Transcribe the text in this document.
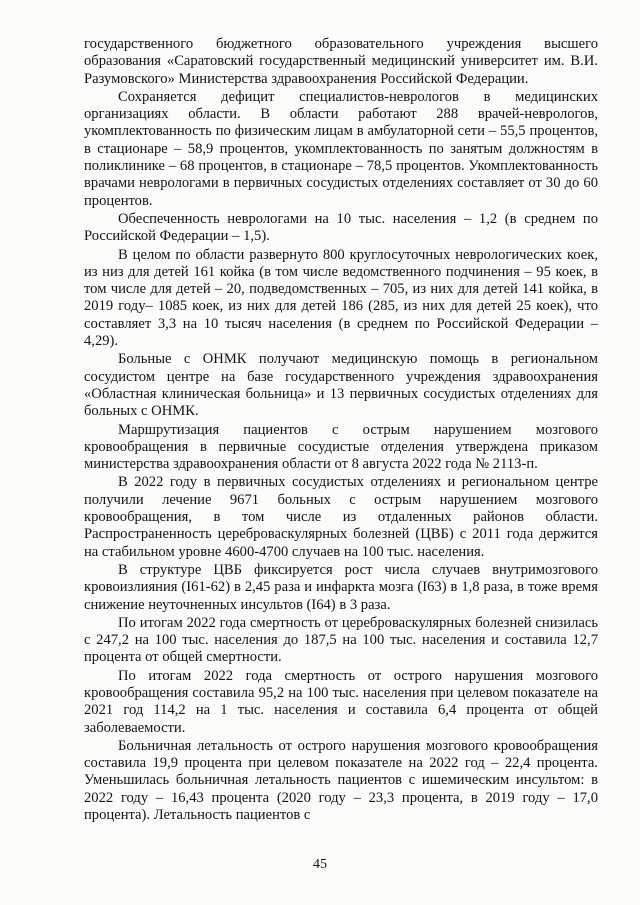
государственного бюджетного образовательного учреждения высшего образования «Саратовский государственный медицинский университет им. В.И. Разумовского» Министерства здравоохранения Российской Федерации.

Сохраняется дефицит специалистов-неврологов в медицинских организациях области. В области работают 288 врачей-неврологов, укомплектованность по физическим лицам в амбулаторной сети – 55,5 процентов, в стационаре – 58,9 процентов, укомплектованность по занятым должностям в поликлинике – 68 процентов, в стационаре – 78,5 процентов. Укомплектованность врачами неврологами в первичных сосудистых отделениях составляет от 30 до 60 процентов.

Обеспеченность неврологами на 10 тыс. населения – 1,2 (в среднем по Российской Федерации – 1,5).

В целом по области развернуто 800 круглосуточных неврологических коек, из низ для детей 161 койка (в том числе ведомственного подчинения – 95 коек, в том числе для детей – 20, подведомственных – 705, из них для детей 141 койка, в 2019 году– 1085 коек, из них для детей 186 (285, из них для детей 25 коек), что составляет 3,3 на 10 тысяч населения (в среднем по Российской Федерации – 4,29).

Больные с ОНМК получают медицинскую помощь в региональном сосудистом центре на базе государственного учреждения здравоохранения «Областная клиническая больница» и 13 первичных сосудистых отделениях для больных с ОНМК.

Маршрутизация пациентов с острым нарушением мозгового кровообращения в первичные сосудистые отделения утверждена приказом министерства здравоохранения области от 8 августа 2022 года № 2113-п.

В 2022 году в первичных сосудистых отделениях и региональном центре получили лечение 9671 больных с острым нарушением мозгового кровообращения, в том числе из отдаленных районов области. Распространенность цереброваскулярных болезней (ЦВБ) с 2011 года держится на стабильном уровне 4600-4700 случаев на 100 тыс. населения.

В структуре ЦВБ фиксируется рост числа случаев внутримозгового кровоизлияния (I61-62) в 2,45 раза и инфаркта мозга (I63) в 1,8 раза, в тоже время снижение неуточненных инсультов (I64) в 3 раза.

По итогам 2022 года смертность от цереброваскулярных болезней снизилась с 247,2 на 100 тыс. населения до 187,5 на 100 тыс. населения и составила 12,7 процента от общей смертности.

По итогам 2022 года смертность от острого нарушения мозгового кровообращения составила 95,2 на 100 тыс. населения при целевом показателе на 2021 год 114,2 на 1 тыс. населения и составила 6,4 процента от общей заболеваемости.

Больничная летальность от острого нарушения мозгового кровообращения составила 19,9 процента при целевом показателе на 2022 год – 22,4 процента. Уменьшилась больничная летальность пациентов с ишемическим инсультом: в 2022 году – 16,43 процента (2020 году – 23,3 процента, в 2019 году – 17,0 процента). Летальность пациентов с

45
